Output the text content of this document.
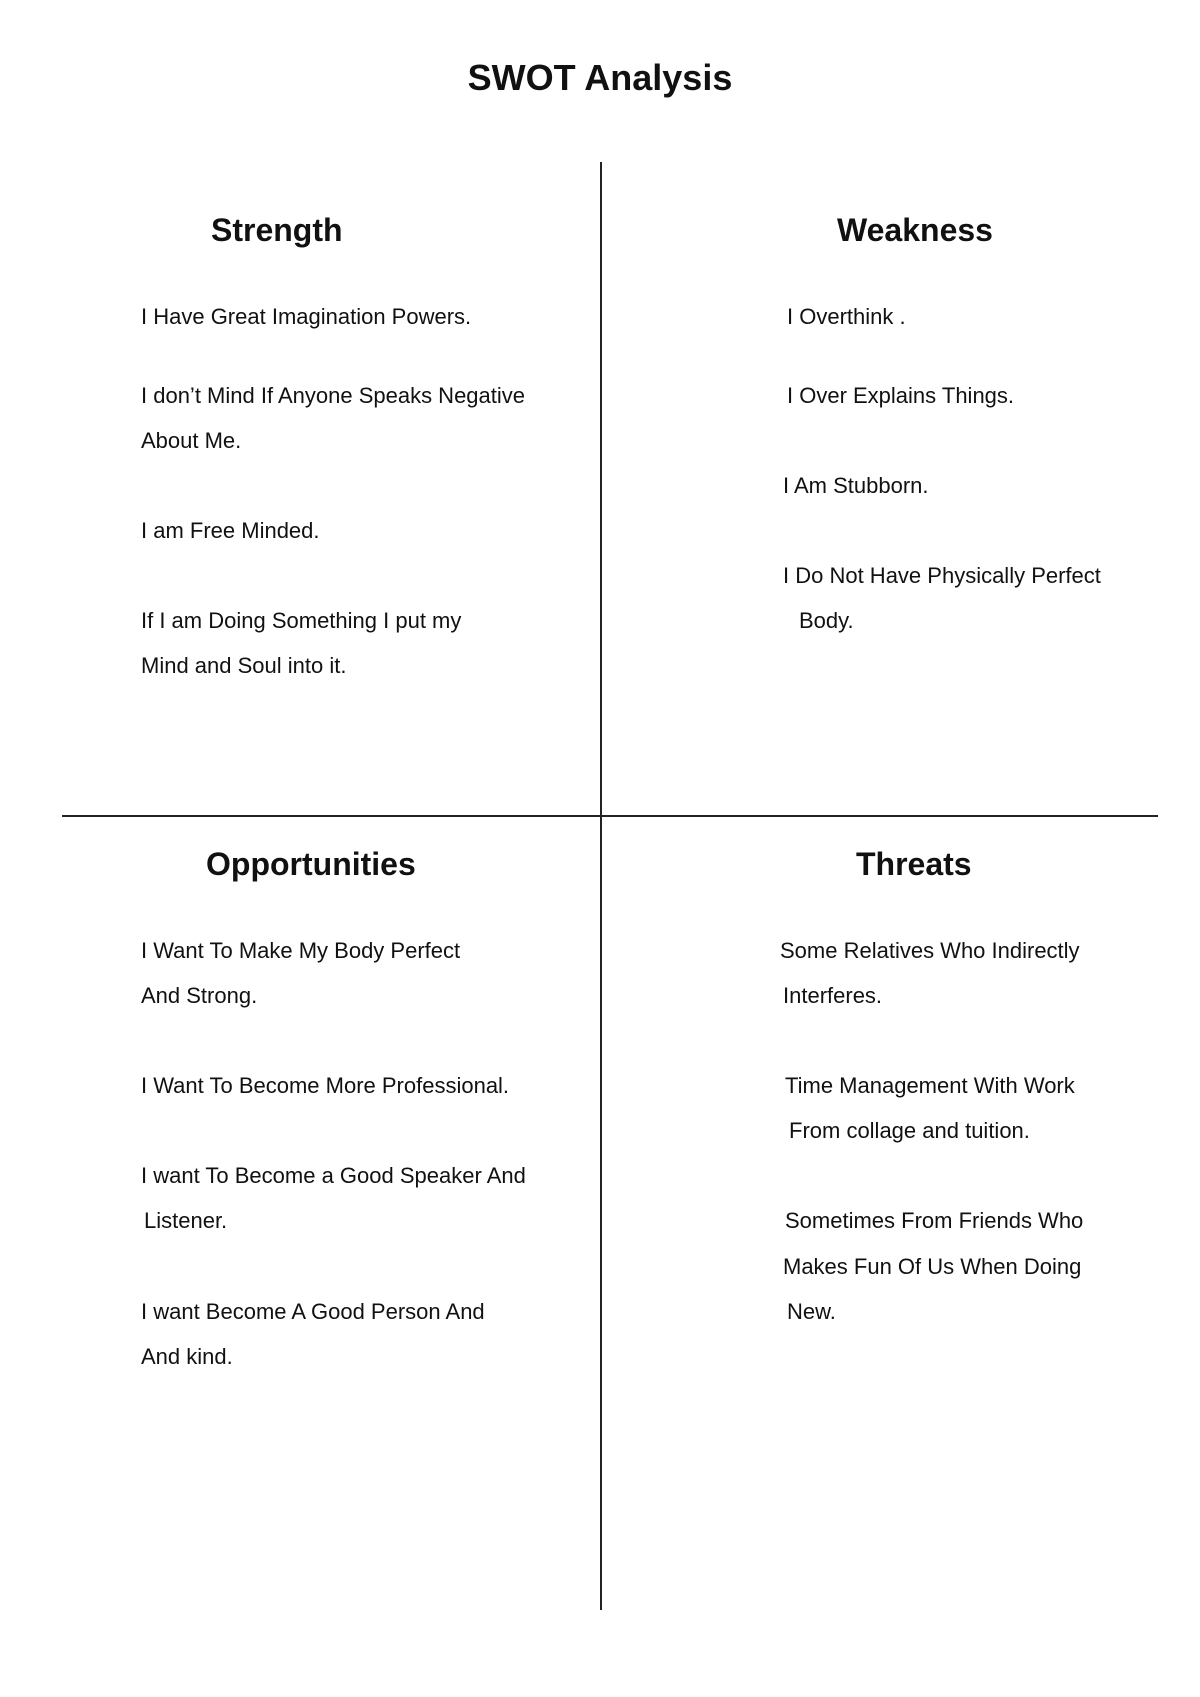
SWOT Analysis
Strength
I Have Great Imagination Powers.
I don’t Mind If Anyone Speaks Negative
About Me.
I am Free Minded.
If I am Doing Something I put my
Mind and Soul into it.
Weakness
I Overthink .
I Over Explains Things.
I Am Stubborn.
I Do Not Have Physically Perfect
Body.
Opportunities
I Want To Make My Body Perfect
And Strong.
I Want To Become More Professional.
I want To Become a Good Speaker And
Listener.
I want Become A Good Person And
And kind.
Threats
Some Relatives Who Indirectly
Interferes.
Time Management With Work
From collage and tuition.
Sometimes From Friends Who
Makes Fun Of Us When Doing
New.
